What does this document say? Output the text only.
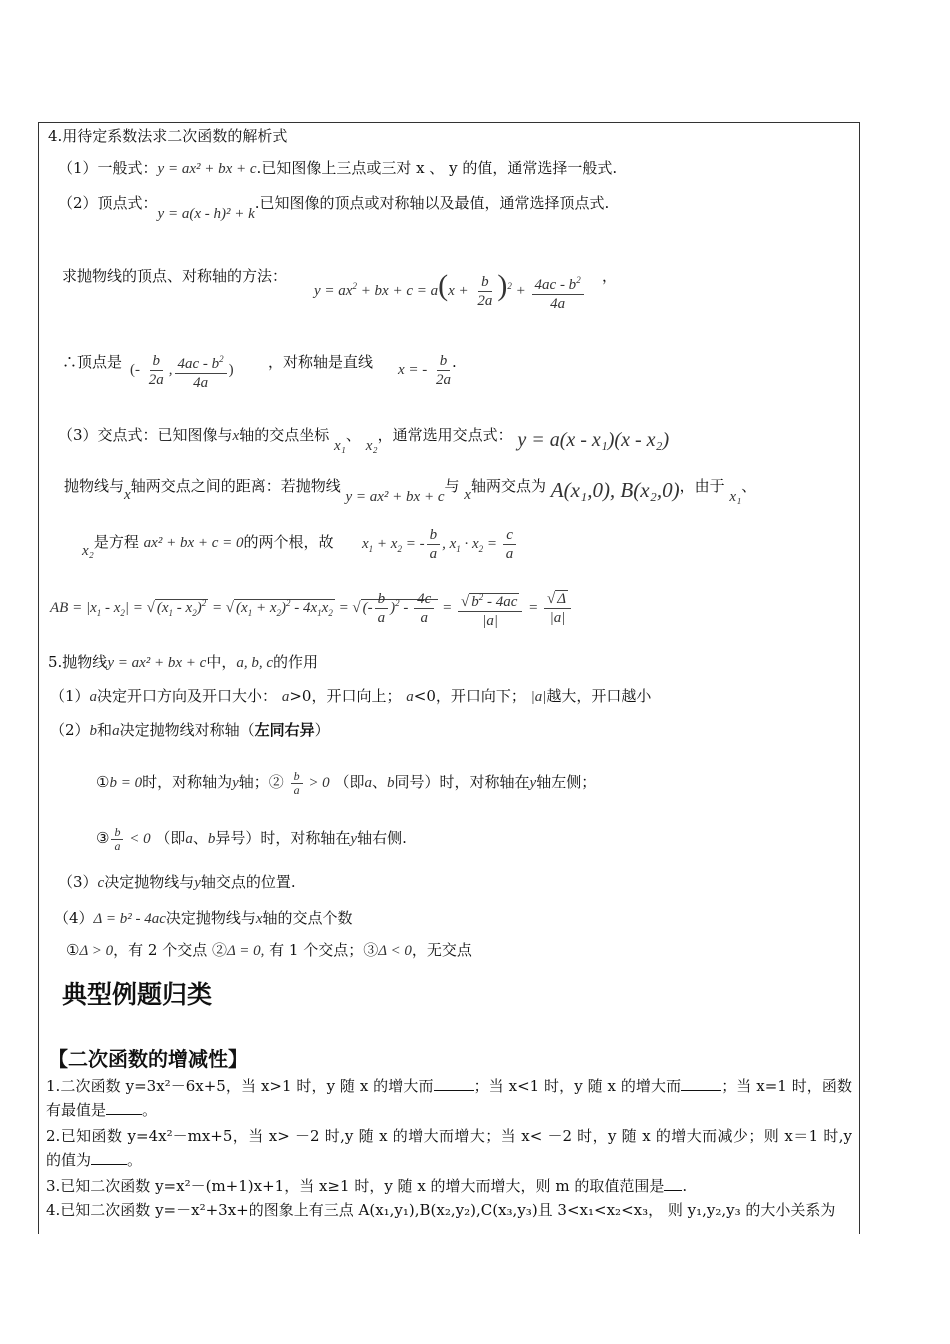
4.用待定系数法求二次函数的解析式
（1）一般式：y = ax² + bx + c.已知图像上三点或三对 x 、 y 的值，通常选择一般式.
（2）顶点式：y = a(x - h)² + k.已知图像的顶点或对称轴以及最值，通常选择顶点式.
求抛物线的顶点、对称轴的方法：
$y = ax^2$ + bx + $c = a(x + \frac{b}{2a} )^2 + \frac{4ac - b^2}{4a}$ ，
∴顶点是 (- $\frac{b}{2a}$ , $\frac{4ac - b^2}{4a}$ ) ，对称轴是直线 x = - $\frac{b}{2a}$
.
（3）交点式：已知图像与x轴的交点坐标 x₁、 x₂，通常选用交点式： y = a(x - x₁)(x - x₂)
抛物线与x轴两交点之间的距离：若抛物线 y = ax² + bx + c与 x轴两交点为 A(x₁,0), B(x₂,0)，由于 x₁、
x₂是方程 ax² + bx + c = 0的两个根，故 $x_1 + x_2$ = - $\frac{b}{a}$ , $x_1 \cdot x_2 = \frac{c}{a}$
AB = $|x_1 - x_2|$ = √ $(x_1 - x_2)^2$ = √ $(x_1 + x_2)^2 - 4x_1x_2$ = √ (- $\frac{b}{a} )^2 - \frac{4c}{a} = \frac{√ b^2 - 4ac}{|a|} = \frac{√ \Delta}{|a|}$
5.抛物线y = ax² + bx + c中，a, b, c的作用
（1）a决定开口方向及开口大小： a>0，开口向上； a<0，开口向下； |a|越大，开口越小
（2）b和a决定抛物线对称轴（左同右异）
①b = 0时，对称轴为y轴；② $\frac{b}{a} > 0$ （即a、b同号）时，对称轴在y轴左侧；
③ $\frac{b}{a} < 0$ （即a、b异号）时，对称轴在y轴右侧.
（3）c决定抛物线与y轴交点的位置.
（4）Δ = b² - 4ac决定抛物线与x轴的交点个数
①Δ > 0，有 2 个交点 ②Δ = 0, 有 1 个交点；③Δ < 0，无交点
典型例题归类
【二次函数的增减性】
1.二次函数 y=3x²－6x+5，当 x>1 时，y 随 x 的增大而	；当 x<1 时，y 随 x 的增大而	；当 x=1 时，函数有最值是 。
2.已知函数 y=4x²－mx+5，当 x> －2 时,y 随 x 的增大而增大；当 x< －2 时，y 随 x 的增大而减少；则 x＝1 时,y 的值为 。
3.已知二次函数 y=x²－(m+1)x+1，当 x≥1 时，y 随 x 的增大而增大，则 m 的取值范围是 .
4.已知二次函数 y=－x²+3x+的图象上有三点 A(x₁,y₁),B(x₂,y₂),C(x₃,y₃)且 3<x₁<x₂<x₃， 则 y₁,y₂,y₃ 的大小关系为
